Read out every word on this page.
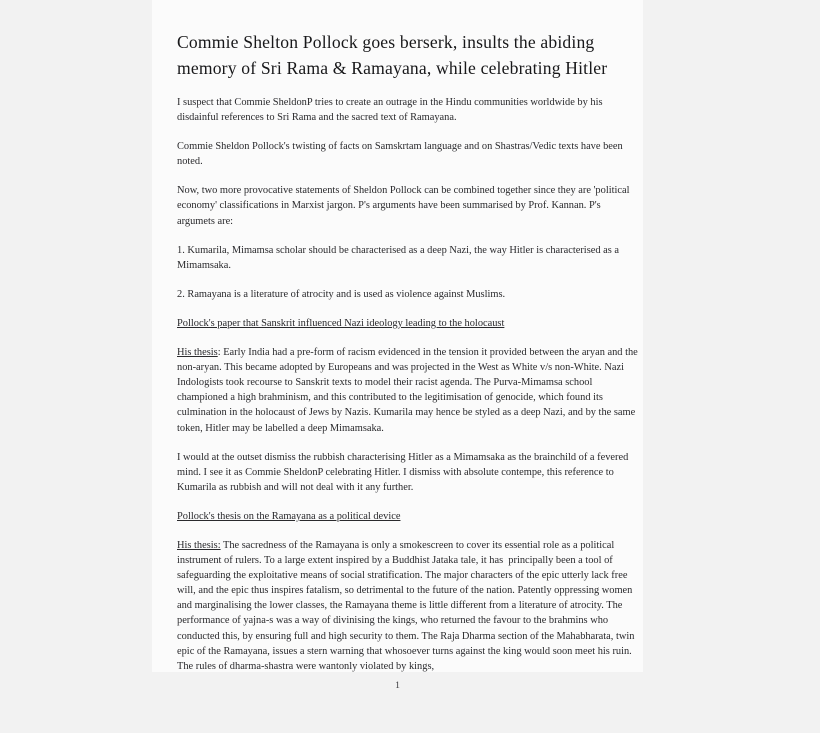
Commie Shelton Pollock goes berserk, insults the abiding memory of Sri Rama & Ramayana, while celebrating Hitler

I suspect that Commie SheldonP tries to create an outrage in the Hindu communities worldwide by his disdainful references to Sri Rama and the sacred text of Ramayana.

Commie Sheldon Pollock's twisting of facts on Samskrtam language and on Shastras/Vedic texts have been noted.

Now, two more provocative statements of Sheldon Pollock can be combined together since they are 'political economy' classifications in Marxist jargon. P's arguments have been summarised by Prof. Kannan. P's argumets are:

1. Kumarila, Mimamsa scholar should be characterised as a deep Nazi, the way Hitler is characterised as a Mimamsaka.

2. Ramayana is a literature of atrocity and is used as violence against Muslims.

Pollock's paper that Sanskrit influenced Nazi ideology leading to the holocaust

His thesis: Early India had a pre-form of racism evidenced in the tension it provided between the aryan and the non-aryan. This became adopted by Europeans and was projected in the West as White v/s non-White. Nazi Indologists took recourse to Sanskrit texts to model their racist agenda. The Purva-Mimamsa school championed a high brahminism, and this contributed to the legitimisation of genocide, which found its culmination in the holocaust of Jews by Nazis. Kumarila may hence be styled as a deep Nazi, and by the same token, Hitler may be labelled a deep Mimamsaka.

I would at the outset dismiss the rubbish characterising Hitler as a Mimamsaka as the brainchild of a fevered mind. I see it as Commie SheldonP celebrating Hitler. I dismiss with absolute contempe, this reference to Kumarila as rubbish and will not deal with it any further.

Pollock's thesis on the Ramayana as a political device

His thesis: The sacredness of the Ramayana is only a smokescreen to cover its essential role as a political instrument of rulers. To a large extent inspired by a Buddhist Jataka tale, it has  principally been a tool of safeguarding the exploitative means of social stratification. The major characters of the epic utterly lack free will, and the epic thus inspires fatalism, so detrimental to the future of the nation. Patently oppressing women and marginalising the lower classes, the Ramayana theme is little different from a literature of atrocity. The performance of yajna-s was a way of divinising the kings, who returned the favour to the brahmins who conducted this, by ensuring full and high security to them. The Raja Dharma section of the Mahabharata, twin epic of the Ramayana, issues a stern warning that whosoever turns against the king would soon meet his ruin. The rules of dharma-shastra were wantonly violated by kings,

1
